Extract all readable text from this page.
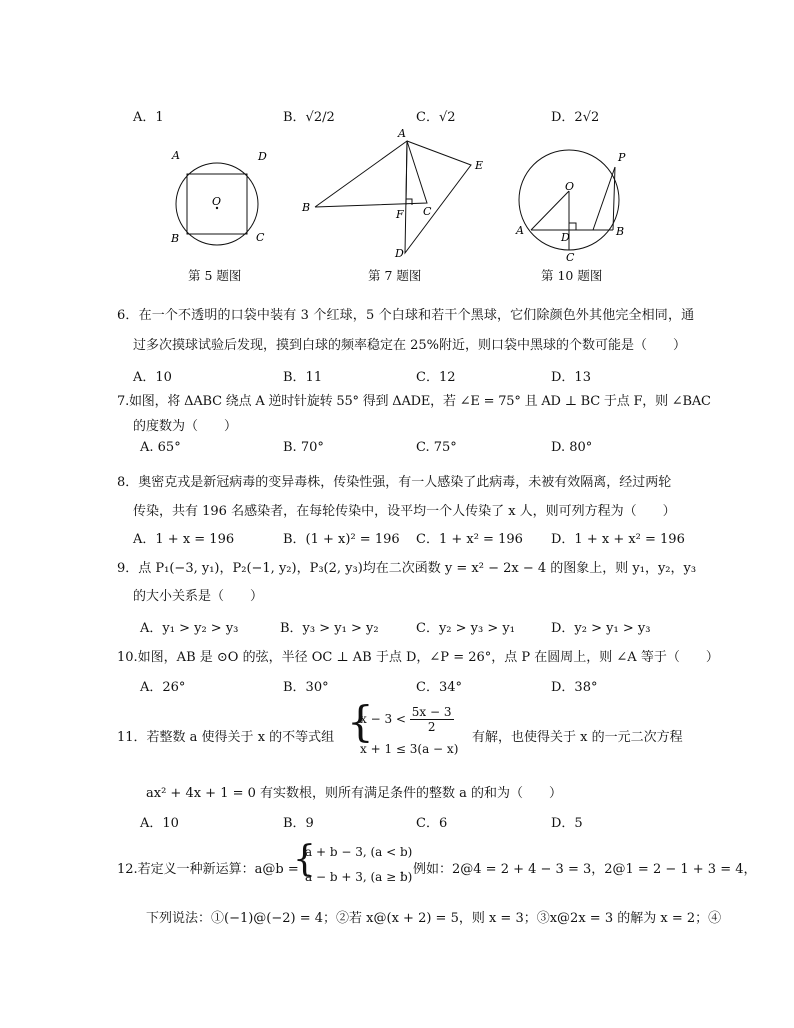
A．1	B．√2/2	C．√2	D．2√2
A	D
O
B	C
第 5 题图
A
E
B
F C
D
第 7 题图
P
O
A
D	B
C
第 10 题图
6．在一个不透明的口袋中装有 3 个红球，5 个白球和若干个黑球，它们除颜色外其他完全相同，通
过多次摸球试验后发现，摸到白球的频率稳定在 25%附近，则口袋中黑球的个数可能是（　　）
A．10	B．11	C．12	D．13
7.如图，将 ΔABC 绕点 A 逆时针旋转 55° 得到 ΔADE，若 ∠E = 75° 且 AD ⊥ BC 于点 F，则 ∠BAC
的度数为（　　）
A. 65°	B. 70°	C. 75°	D. 80°
8．奥密克戎是新冠病毒的变异毒株，传染性强，有一人感染了此病毒，未被有效隔离，经过两轮
传染，共有 196 名感染者，在每轮传染中，设平均一个人传染了 x 人，则可列方程为（　　）
A．1 + x = 196	B．(1 + x)² = 196 C．1 + x² = 196 D．1 + x + x² = 196
9．点 P₁(−3, y₁)，P₂(−1, y₂)，P₃(2, y₃)均在二次函数 y = x² − 2x − 4 的图象上，则 y₁，y₂，y₃
的大小关系是（　　）
A．y₁ > y₂ > y₃	B．y₃ > y₁ > y₂	C．y₂ > y₃ > y₁	D．y₂ > y₁ > y₃
10.如图，AB 是 ⊙O 的弦，半径 OC ⊥ AB 于点 D，∠P = 26°，点 P 在圆周上，则 ∠A 等于（　　）
A．26°	B．30°	C．34°	D．38°
11．若整数 a 使得关于 x 的不等式组 {
$x - 3 < \frac{5x - 3}{2}$
x + 1 ≤ 3(a − x)
有解，也使得关于 x 的一元二次方程
ax² + 4x + 1 = 0 有实数根，则所有满足条件的整数 a 的和为（　　）
A．10	B．9	C．6	D．5
12.若定义一种新运算：a@b =
{
a + b − 3, (a < b)
a − b + 3, (a ≥ b)
，例如：2@4 = 2 + 4 − 3 = 3，2@1 = 2 − 1 + 3 = 4，
下列说法：①(−1)@(−2) = 4；②若 x@(x + 2) = 5，则 x = 3；③x@2x = 3 的解为 x = 2；④
